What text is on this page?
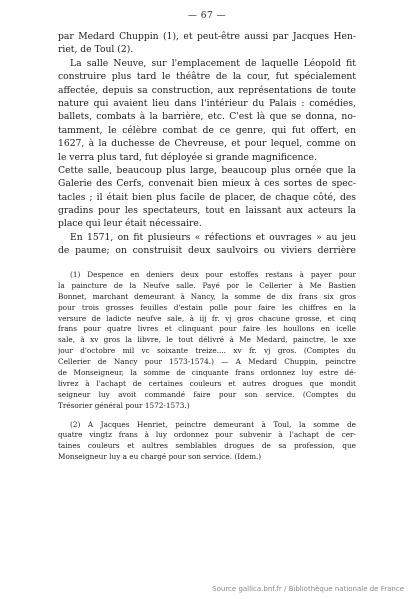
— 67 —
par Medard Chuppin (1), et peut-être aussi par Jacques Hen-
riet, de Toul (2).
La salle Neuve, sur l'emplacement de laquelle Léopold fit
construire plus tard le théâtre de la cour, fut spécialement
affectée, depuis sa construction, aux représentations de toute
nature qui avaient lieu dans l'intérieur du Palais : comédies,
ballets, combats à la barrière, etc. C'est là que se donna, no-
tamment, le célèbre combat de ce genre, qui fut offert, en
1627, à la duchesse de Chevreuse, et pour lequel, comme on
le verra plus tard, fut déployée si grande magnificence.
Cette salle, beaucoup plus large, beaucoup plus ornée que la
Galerie des Cerfs, convenait bien mieux à ces sortes de spec-
tacles ; il était bien plus facile de placer, de chaque côté, des
gradins pour les spectateurs, tout en laissant aux acteurs la
place qui leur était nécessaire.
En 1571, on fit plusieurs « réfections et ouvrages » au jeu
de paume; on construisit deux saulvoirs ou viviers derrière
(1) Despence en deniers deux pour estoffes restans à payer pour
la paincture de la Neufve salle. Payé por le Cellerier à Me Bastien
Bonnet, marchant demeurant à Nancy, la somme de dix frans six gros
pour trois grosses feuilles d'estain polle pour faire les chiffres en la
versure de ladicte neufve sale, à iij fr. vj gros chacune grosse, et cinq
frans pour quatre livres et clinquant pour faire les houllons en icelle
sale, à xv gros la libvre, le tout délivré à Me Medard, painctre, le xxe
jour d'octobre mil vc soixante treize.... xv fr. vj gros. (Comptes du
Cellerier de Nancy pour 1573-1574.) — A Medard Chuppin, peinctre
de Monseigneur, la somme de cinquante frans ordonnez luy estre dé-
livrez à l'achapt de certaines couleurs et autres drogues que mondit
seigneur luy avoit commandé faire pour son service. (Comptes du
Trésorier général pour 1572-1573.)
(2) A Jacques Henriet, peinctre demeurant à Toul, la somme de
quatre vingtz frans à luy ordonnez pour subvenir à l'achapt de cer-
taines couleurs et aultres semblables drogues de sa profession, que
Monseigneur luy a eu chargé pour son service. (Idem.)
Source gallica.bnf.fr / Bibliothèque nationale de France
